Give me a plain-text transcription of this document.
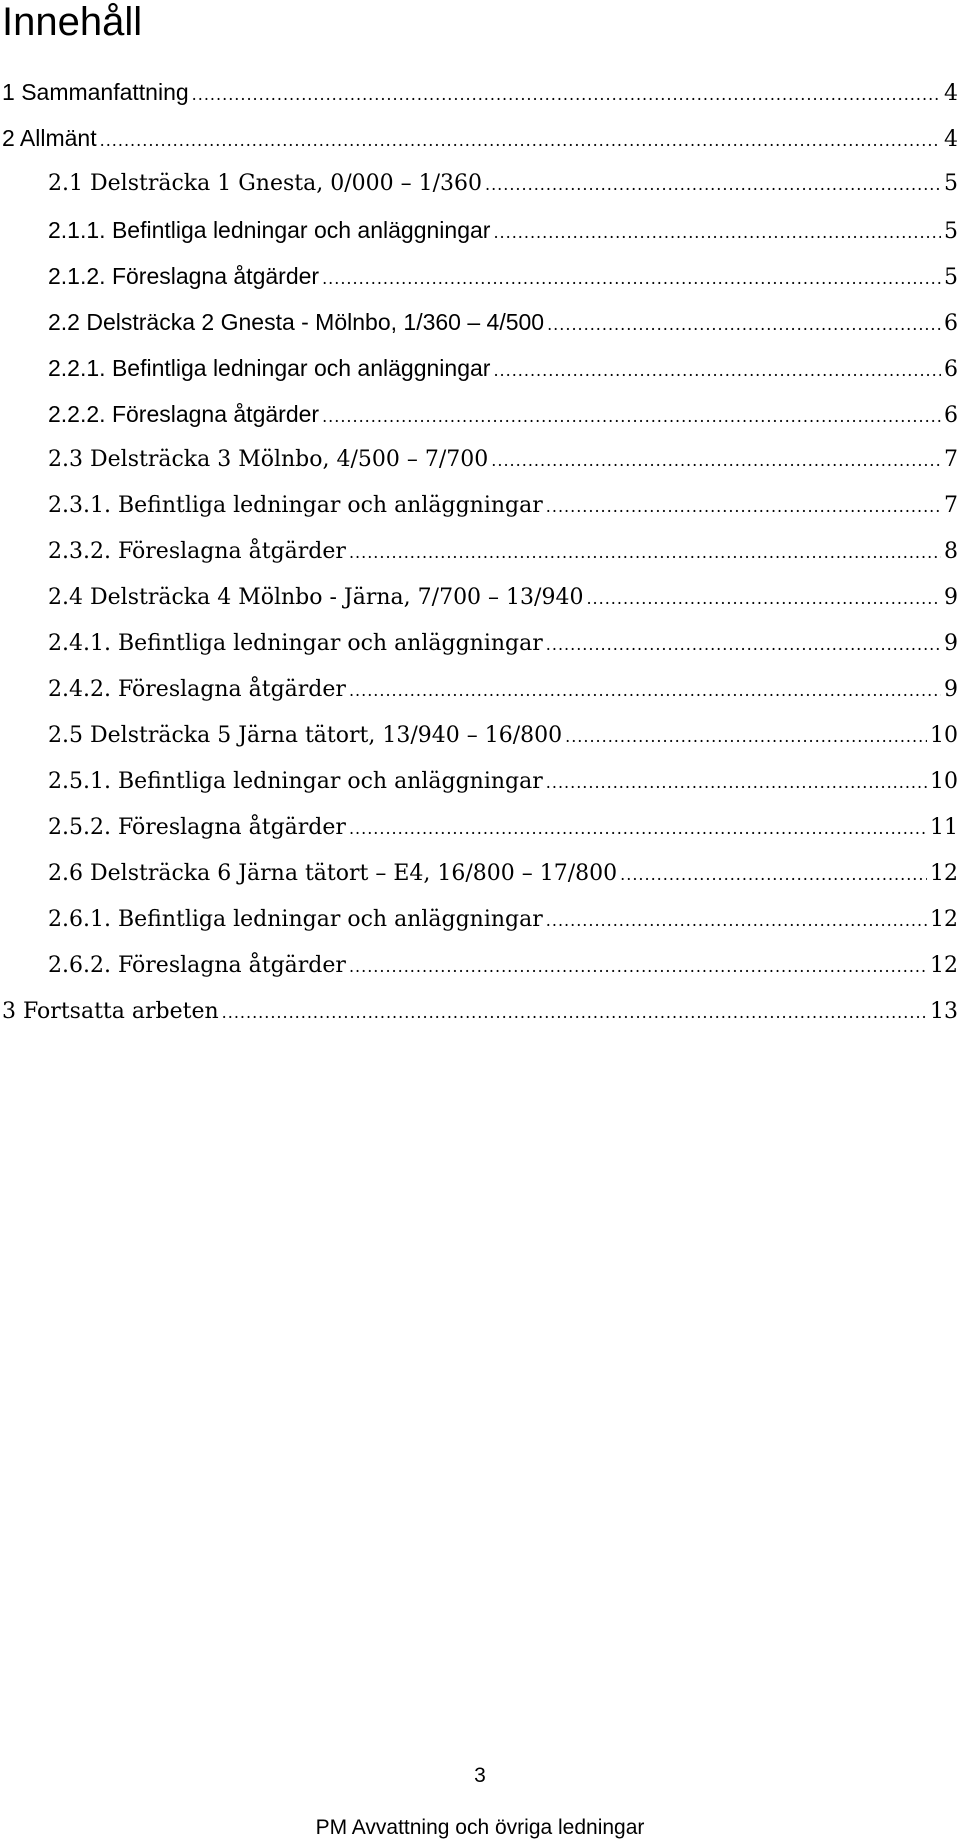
Innehåll
1 Sammanfattning .....	4
2 Allmänt .....	4
2.1 Delsträcka 1 Gnesta, 0/000 – 1/360 .....	5
2.1.1. Befintliga ledningar och anläggningar .....	5
2.1.2. Föreslagna åtgärder .....	5
2.2 Delsträcka 2 Gnesta - Mölnbo, 1/360 – 4/500 .....	6
2.2.1. Befintliga ledningar och anläggningar .....	6
2.2.2. Föreslagna åtgärder .....	6
2.3 Delsträcka 3 Mölnbo, 4/500 – 7/700 .....	7
2.3.1. Befintliga ledningar och anläggningar .....	7
2.3.2. Föreslagna åtgärder .....	8
2.4 Delsträcka 4 Mölnbo - Järna, 7/700 – 13/940 .....	9
2.4.1. Befintliga ledningar och anläggningar .....	9
2.4.2. Föreslagna åtgärder .....	9
2.5 Delsträcka 5 Järna tätort, 13/940 – 16/800 .....	10
2.5.1. Befintliga ledningar och anläggningar .....	10
2.5.2. Föreslagna åtgärder .....	11
2.6 Delsträcka 6 Järna tätort – E4, 16/800 – 17/800 .....	12
2.6.1. Befintliga ledningar och anläggningar .....	12
2.6.2. Föreslagna åtgärder .....	12
3 Fortsatta arbeten .....	13
3
PM Avvattning och övriga ledningar
